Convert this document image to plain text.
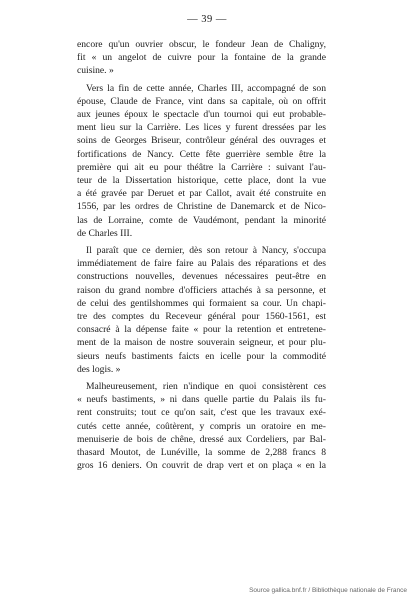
— 39 —
encore qu'un ouvrier obscur, le fondeur Jean de Chaligny,
fit « un angelot de cuivre pour la fontaine de la grande
cuisine. »
Vers la fin de cette année, Charles III, accompagné de son
épouse, Claude de France, vint dans sa capitale, où on offrit
aux jeunes époux le spectacle d'un tournoi qui eut probable-
ment lieu sur la Carrière. Les lices y furent dressées par les
soins de Georges Briseur, contrôleur général des ouvrages et
fortifications de Nancy. Cette fête guerrière semble être la
première qui ait eu pour théâtre la Carrière : suivant l'au-
teur de la Dissertation historique, cette place, dont la vue
a été gravée par Deruet et par Callot, avait été construite en
1556, par les ordres de Christine de Danemarck et de Nico-
las de Lorraine, comte de Vaudémont, pendant la minorité
de Charles III.
Il paraît que ce dernier, dès son retour à Nancy, s'occupa
immédiatement de faire faire au Palais des réparations et des
constructions nouvelles, devenues nécessaires peut-être en
raison du grand nombre d'officiers attachés à sa personne, et
de celui des gentilshommes qui formaient sa cour. Un chapi-
tre des comptes du Receveur général pour 1560-1561, est
consacré à la dépense faite « pour la retention et entretene-
ment de la maison de nostre souverain seigneur, et pour plu-
sieurs neufs bastiments faicts en icelle pour la commodité
des logis. »
Malheureusement, rien n'indique en quoi consistèrent ces
« neufs bastiments, » ni dans quelle partie du Palais ils fu-
rent construits; tout ce qu'on sait, c'est que les travaux exé-
cutés cette année, coûtèrent, y compris un oratoire en me-
menuiserie de bois de chêne, dressé aux Cordeliers, par Bal-
thasard Moutot, de Lunéville, la somme de 2,288 francs 8
gros 16 deniers. On couvrit de drap vert et on plaça « en la
Source gallica.bnf.fr / Bibliothèque nationale de France
